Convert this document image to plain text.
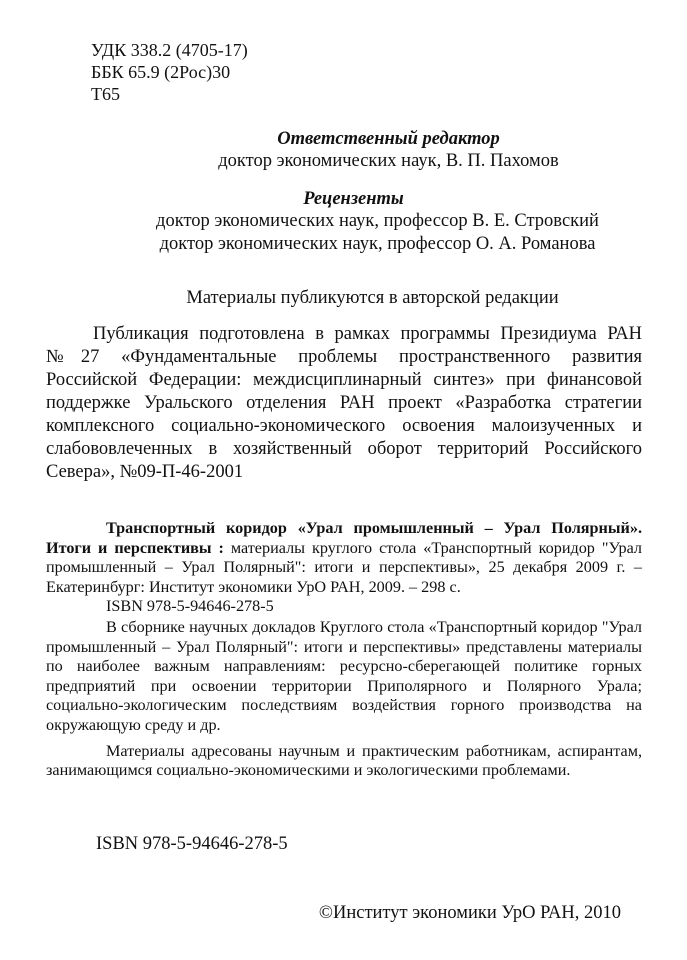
УДК 338.2 (4705-17)
ББК 65.9 (2Рос)30
Т65
Ответственный редактор
доктор экономических наук, В. П. Пахомов
Рецензенты
доктор экономических наук, профессор В. Е. Стровский
доктор экономических наук, профессор О. А. Романова
Материалы публикуются в авторской редакции
Публикация подготовлена в рамках программы Президиума РАН №27 «Фундаментальные проблемы пространственного развития Российской Федерации: междисциплинарный синтез» при финансовой поддержке Уральского отделения РАН проект «Разработка стратегии комплексного социально-экономического освоения малоизученных и слабововлеченных в хозяйственный оборот территорий Российского Севера», №09-П-46-2001

Транспортный коридор «Урал промышленный – Урал Полярный». Итоги и перспективы : материалы круглого стола «Транспортный коридор "Урал промышленный – Урал Полярный": итоги и перспективы», 25 декабря 2009 г. – Екатеринбург: Институт экономики УрО РАН, 2009. – 298 с.

ISBN 978-5-94646-278-5

В сборнике научных докладов Круглого стола «Транспортный коридор "Урал промышленный – Урал Полярный": итоги и перспективы» представлены материалы по наиболее важным направлениям: ресурсно-сберегающей политике горных предприятий при освоении территории Приполярного и Полярного Урала; социально-экологическим последствиям воздействия горного производства на окружающую среду и др.

Материалы адресованы научным и практическим работникам, аспирантам, занимающимся социально-экономическими и экологическими проблемами.

ISBN 978-5-94646-278-5
©Институт экономики УрО РАН, 2010
